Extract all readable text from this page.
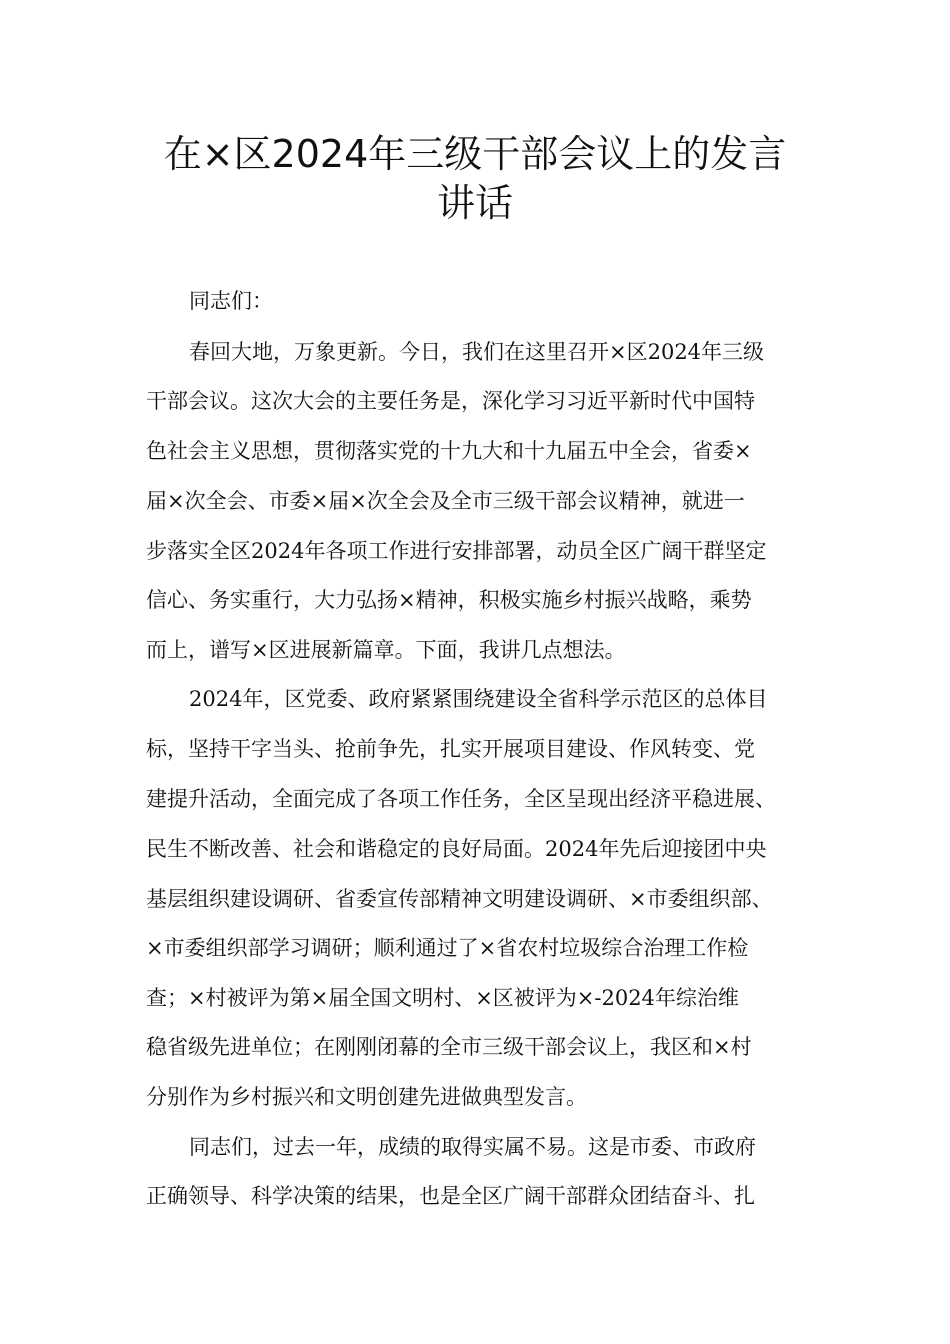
在×区2024年三级干部会议上的发言
讲话

同志们：

春回大地，万象更新。今日，我们在这里召开×区2024年三级

干部会议。这次大会的主要任务是，深化学习习近平新时代中国特

色社会主义思想，贯彻落实党的十九大和十九届五中全会，省委×

届×次全会、市委×届×次全会及全市三级干部会议精神，就进一

步落实全区2024年各项工作进行安排部署，动员全区广阔干群坚定

信心、务实重行，大力弘扬×精神，积极实施乡村振兴战略，乘势

而上，谱写×区进展新篇章。下面，我讲几点想法。

2024年，区党委、政府紧紧围绕建设全省科学示范区的总体目

标，坚持干字当头、抢前争先，扎实开展项目建设、作风转变、党

建提升活动，全面完成了各项工作任务，全区呈现出经济平稳进展、

民生不断改善、社会和谐稳定的良好局面。2024年先后迎接团中央

基层组织建设调研、省委宣传部精神文明建设调研、×市委组织部、

×市委组织部学习调研；顺利通过了×省农村垃圾综合治理工作检

查；×村被评为第×届全国文明村、×区被评为×-2024年综治维

稳省级先进单位；在刚刚闭幕的全市三级干部会议上，我区和×村

分别作为乡村振兴和文明创建先进做典型发言。

同志们，过去一年，成绩的取得实属不易。这是市委、市政府

正确领导、科学决策的结果，也是全区广阔干部群众团结奋斗、扎
